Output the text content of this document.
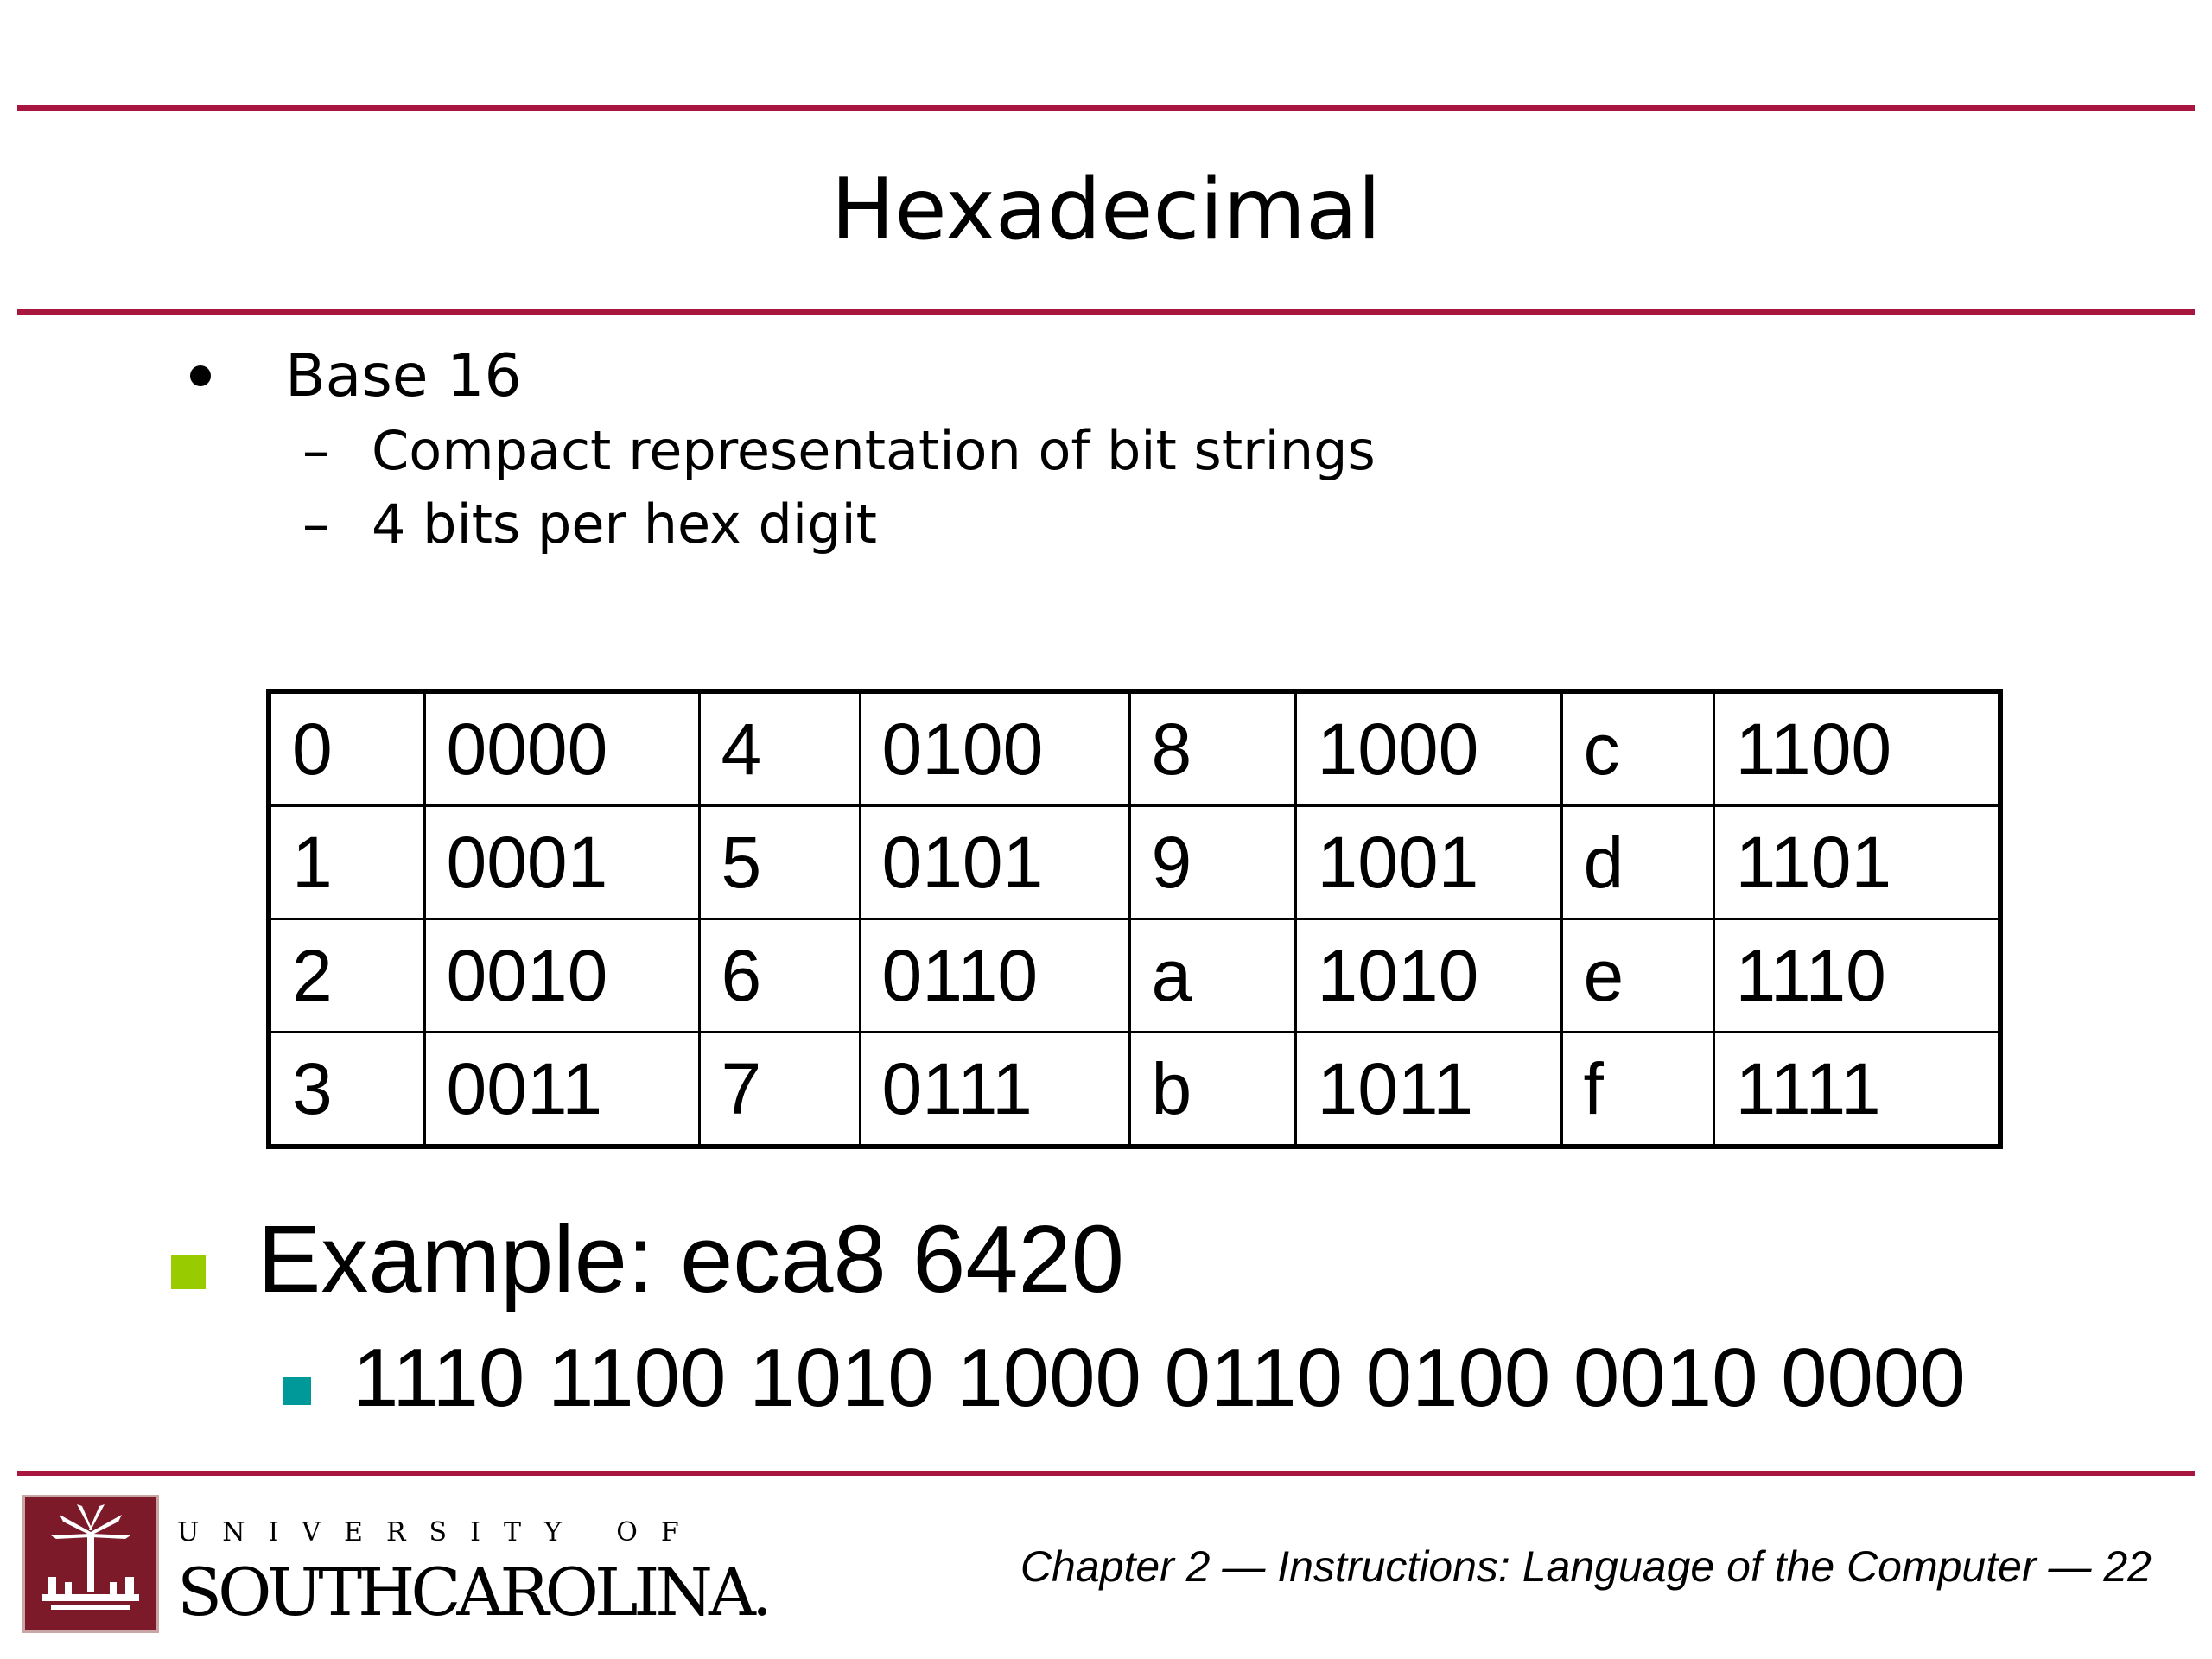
Hexadecimal
Base 16
– Compact representation of bit strings
– 4 bits per hex digit
0	0000	4	0100	8	1000	c	1100
1	0001	5	0101	9	1001	d	1101
2	0010	6	0110	a	1010	e	1110
3	0011	7	0111	b	1011	f	1111
Example: eca8 6420
1110 1100 1010 1000 0110 0100 0010 0000
UNIVERSITY OF
SOUTHCAROLINA.	Chapter 2 — Instructions: Language of the Computer — 22
